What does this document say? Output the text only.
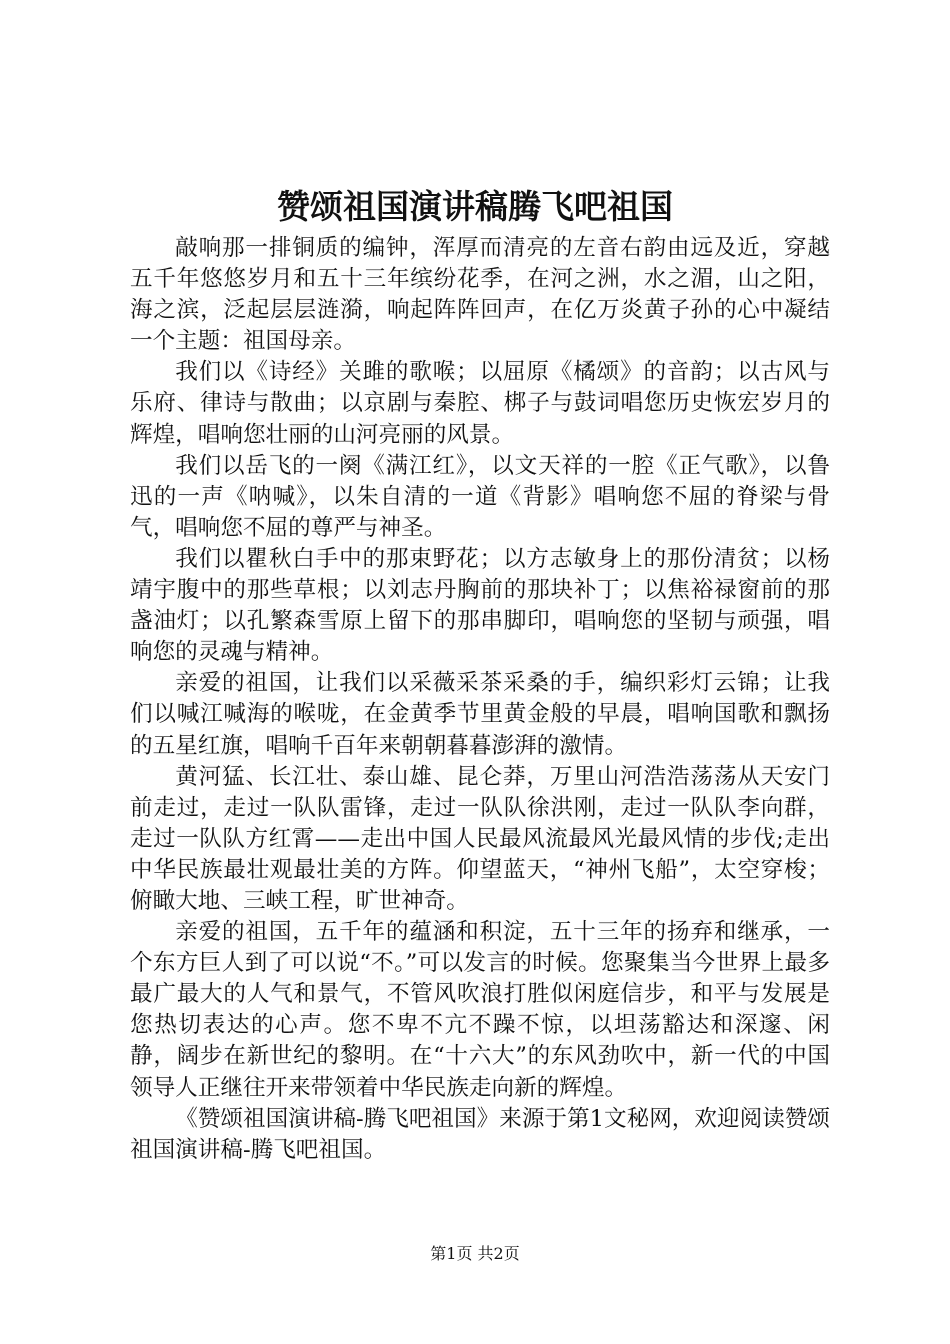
赞颂祖国演讲稿腾飞吧祖国

敲响那一排铜质的编钟，浑厚而清亮的左音右韵由远及近，穿越五千年悠悠岁月和五十三年缤纷花季，在河之洲，水之湄，山之阳，海之滨，泛起层层涟漪，响起阵阵回声，在亿万炎黄子孙的心中凝结一个主题：祖国母亲。

我们以《诗经》关雎的歌喉；以屈原《橘颂》的音韵；以古风与乐府、律诗与散曲；以京剧与秦腔、梆子与鼓词唱您历史恢宏岁月的辉煌，唱响您壮丽的山河亮丽的风景。

我们以岳飞的一阕《满江红》，以文天祥的一腔《正气歌》，以鲁迅的一声《呐喊》，以朱自清的一道《背影》唱响您不屈的脊梁与骨气，唱响您不屈的尊严与神圣。

我们以瞿秋白手中的那束野花；以方志敏身上的那份清贫；以杨靖宇腹中的那些草根；以刘志丹胸前的那块补丁；以焦裕禄窗前的那盏油灯；以孔繁森雪原上留下的那串脚印，唱响您的坚韧与顽强，唱响您的灵魂与精神。

亲爱的祖国，让我们以采薇采茶采桑的手，编织彩灯云锦；让我们以喊江喊海的喉咙，在金黄季节里黄金般的早晨，唱响国歌和飘扬的五星红旗，唱响千百年来朝朝暮暮澎湃的激情。

黄河猛、长江壮、泰山雄、昆仑莽，万里山河浩浩荡荡从天安门前走过，走过一队队雷锋，走过一队队徐洪刚，走过一队队李向群，走过一队队方红霄——走出中国人民最风流最风光最风情的步伐;走出中华民族最壮观最壮美的方阵。仰望蓝天，“神州飞船”，太空穿梭；俯瞰大地、三峡工程，旷世神奇。

亲爱的祖国，五千年的蕴涵和积淀，五十三年的扬弃和继承，一个东方巨人到了可以说“不。”可以发言的时候。您聚集当今世界上最多最广最大的人气和景气，不管风吹浪打胜似闲庭信步，和平与发展是您热切表达的心声。您不卑不亢不躁不惊，以坦荡豁达和深邃、闲静，阔步在新世纪的黎明。在“十六大”的东风劲吹中，新一代的中国领导人正继往开来带领着中华民族走向新的辉煌。

《赞颂祖国演讲稿-腾飞吧祖国》来源于第1文秘网，欢迎阅读赞颂祖国演讲稿-腾飞吧祖国。

第1页 共2页
